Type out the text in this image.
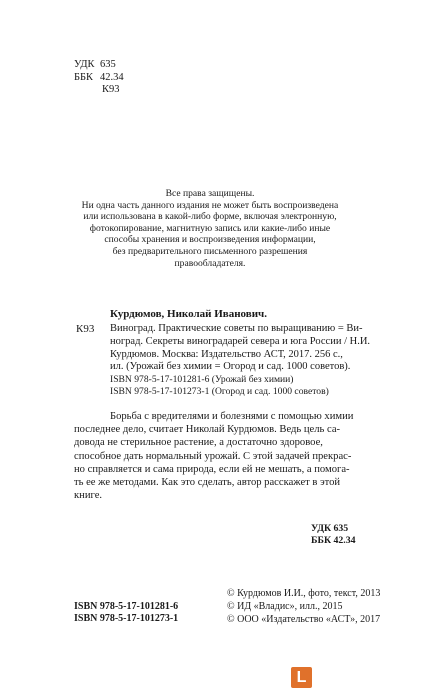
УДК 635
ББК 42.34
К93
Все права защищены.
Ни одна часть данного издания не может быть воспроизведена
или использована в какой-либо форме, включая электронную,
фотокопирование, магнитную запись или какие-либо иные
способы хранения и воспроизведения информации,
без предварительного письменного разрешения
правообладателя.
Курдюмов, Николай Иванович.
К93 Виноград. Практические советы по выращиванию = Ви-
ноград. Секреты виноградарей севера и юга России / Н.И.
Курдюмов. Москва: Издательство АСТ, 2017. 256 с.,
ил. (Урожай без химии = Огород и сад. 1000 советов).
ISBN 978-5-17-101281-6 (Урожай без химии)
ISBN 978-5-17-101273-1 (Огород и сад. 1000 советов)
Борьба с вредителями и болезнями с помощью химии
последнее дело, считает Николай Курдюмов. Ведь цель са-
довода не стерильное растение, а достаточно здоровое,
способное дать нормальный урожай. С этой задачей прекрас-
но справляется и сама природа, если ей не мешать, а помога-
ть ее же методами. Как это сделать, автор расскажет в этой
книге.
УДК 635
ББК 42.34
ISBN 978-5-17-101281-6
ISBN 978-5-17-101273-1
© Курдюмов И.И., фото, текст, 2013
© ИД «Владис», илл., 2015
© ООО «Издательство «АСТ», 2017
L
